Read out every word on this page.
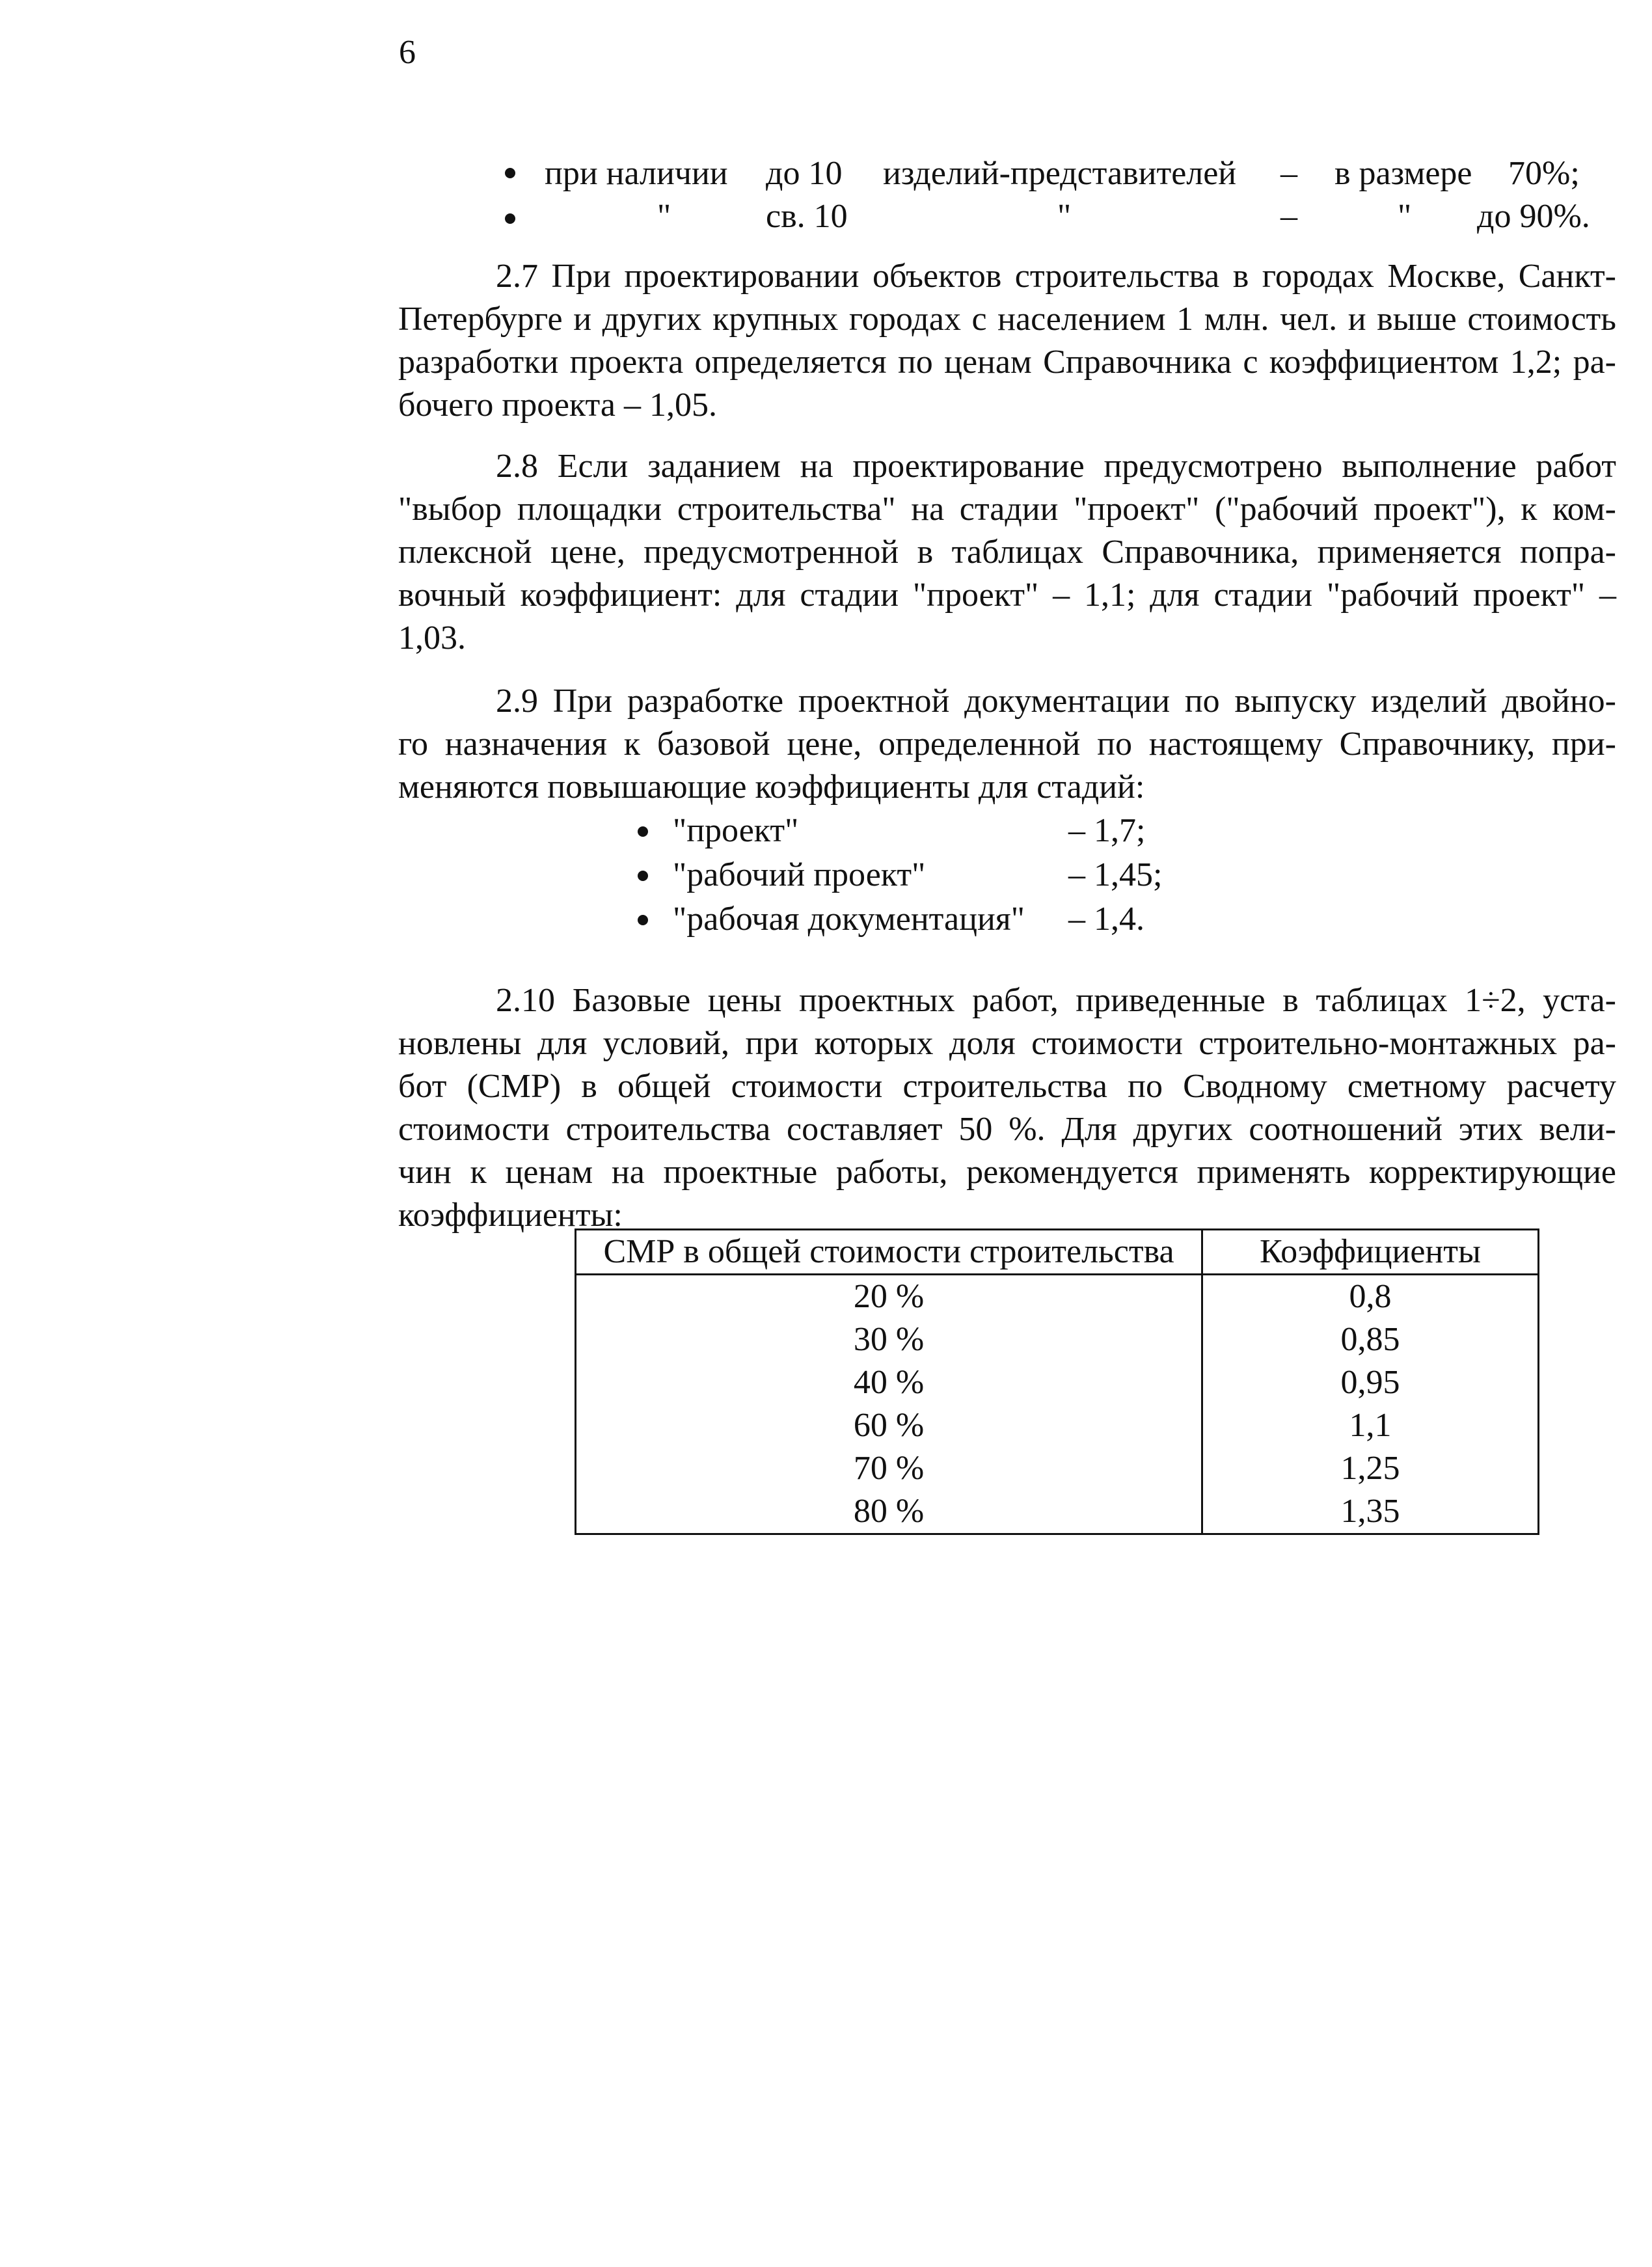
6
при наличии до 10 изделий-представителей – в размере 70%;
"	св. 10	"	–	" до 90%.
2.7 При проектировании объектов строительства в городах Москве, Санкт-
Петербурге и других крупных городах с населением 1 млн. чел. и выше стоимость
разработки проекта определяется по ценам Справочника с коэффициентом 1,2; ра-
бочего проекта – 1,05.
2.8 Если заданием на проектирование предусмотрено выполнение работ
"выбор площадки строительства" на стадии "проект" ("рабочий проект"), к ком-
плексной цене, предусмотренной в таблицах Справочника, применяется попра-
вочный коэффициент: для стадии "проект" – 1,1; для стадии "рабочий проект" –
1,03.
2.9 При разработке проектной документации по выпуску изделий двойно-
го назначения к базовой цене, определенной по настоящему Справочнику, при-
меняются повышающие коэффициенты для стадий:
"проект"	– 1,7;
"рабочий проект"	– 1,45;
"рабочая документация" – 1,4.
2.10 Базовые цены проектных работ, приведенные в таблицах 1÷2, уста-
новлены для условий, при которых доля стоимости строительно-монтажных ра-
бот (СМР) в общей стоимости строительства по Сводному сметному расчету
стоимости строительства составляет 50 %. Для других соотношений этих вели-
чин к ценам на проектные работы, рекомендуется применять корректирующие
коэффициенты:
СМР в общей стоимости строительства	Коэффициенты
20 %	0,8
30 %	0,85
40 %	0,95
60 %	1,1
70 %	1,25
80 %	1,35
